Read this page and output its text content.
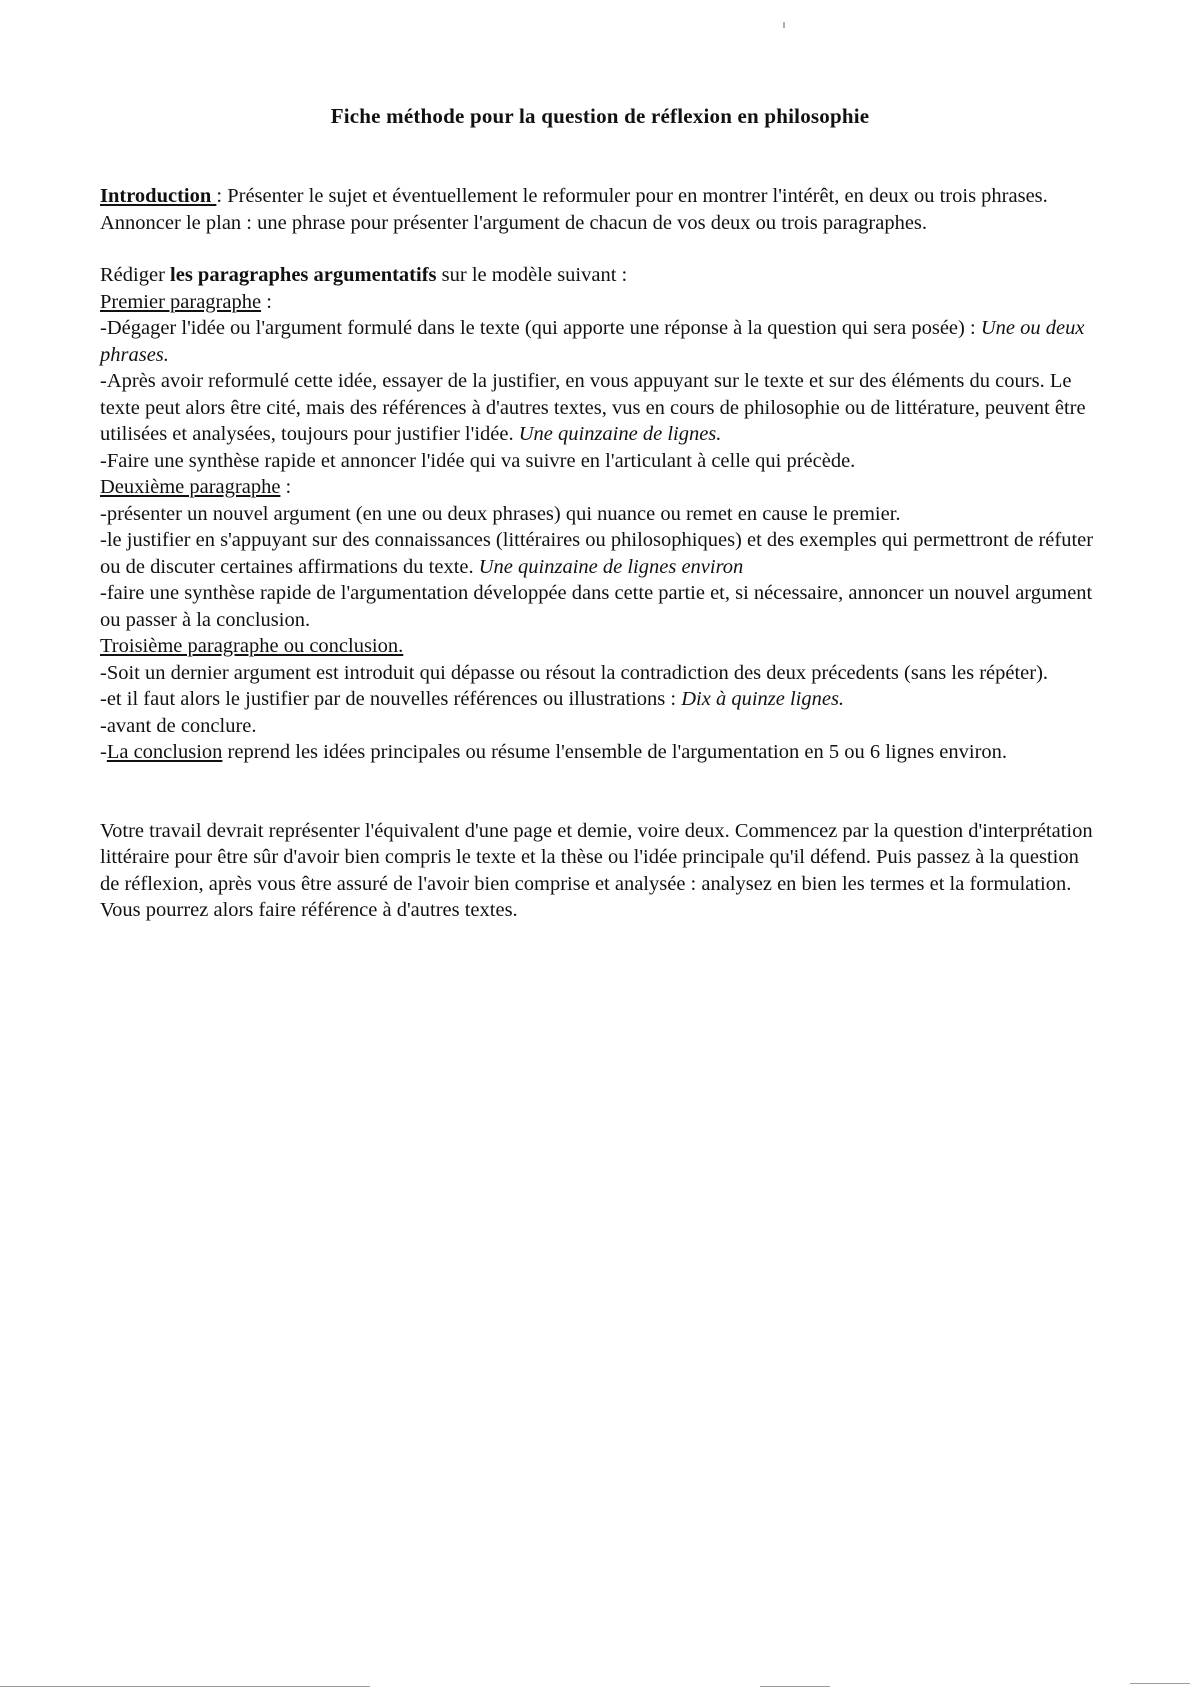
Fiche méthode pour la question de réflexion en philosophie

Introduction : Présenter le sujet et éventuellement le reformuler pour en montrer l'intérêt, en deux ou trois phrases. Annoncer le plan : une phrase pour présenter l'argument de chacun de vos deux ou trois paragraphes.

Rédiger les paragraphes argumentatifs sur le modèle suivant :

Premier paragraphe :

-Dégager l'idée ou l'argument formulé dans le texte (qui apporte une réponse à la question qui sera posée) : Une ou deux phrases.

-Après avoir reformulé cette idée, essayer de la justifier, en vous appuyant sur le texte et sur des éléments du cours. Le texte peut alors être cité, mais des références à d'autres textes, vus en cours de philosophie ou de littérature, peuvent être utilisées et analysées, toujours pour justifier l'idée. Une quinzaine de lignes.

-Faire une synthèse rapide et annoncer l'idée qui va suivre en l'articulant à celle qui précède.

Deuxième paragraphe :

-présenter un nouvel argument (en une ou deux phrases) qui nuance ou remet en cause le premier.

-le justifier en s'appuyant sur des connaissances (littéraires ou philosophiques) et des exemples qui permettront de réfuter ou de discuter certaines affirmations du texte. Une quinzaine de lignes environ

-faire une synthèse rapide de l'argumentation développée dans cette partie et, si nécessaire, annoncer un nouvel argument ou passer à la conclusion.

Troisième paragraphe ou conclusion.

-Soit un dernier argument est introduit qui dépasse ou résout la contradiction des deux précedents (sans les répéter).

-et il faut alors le justifier par de nouvelles références ou illustrations : Dix à quinze lignes.

-avant de conclure.

-La conclusion reprend les idées principales ou résume l'ensemble de l'argumentation en 5 ou 6 lignes environ.

Votre travail devrait représenter l'équivalent d'une page et demie, voire deux. Commencez par la question d'interprétation littéraire pour être sûr d'avoir bien compris le texte et la thèse ou l'idée principale qu'il défend. Puis passez à la question de réflexion, après vous être assuré de l'avoir bien comprise et analysée : analysez en bien les termes et la formulation. Vous pourrez alors faire référence à d'autres textes.
